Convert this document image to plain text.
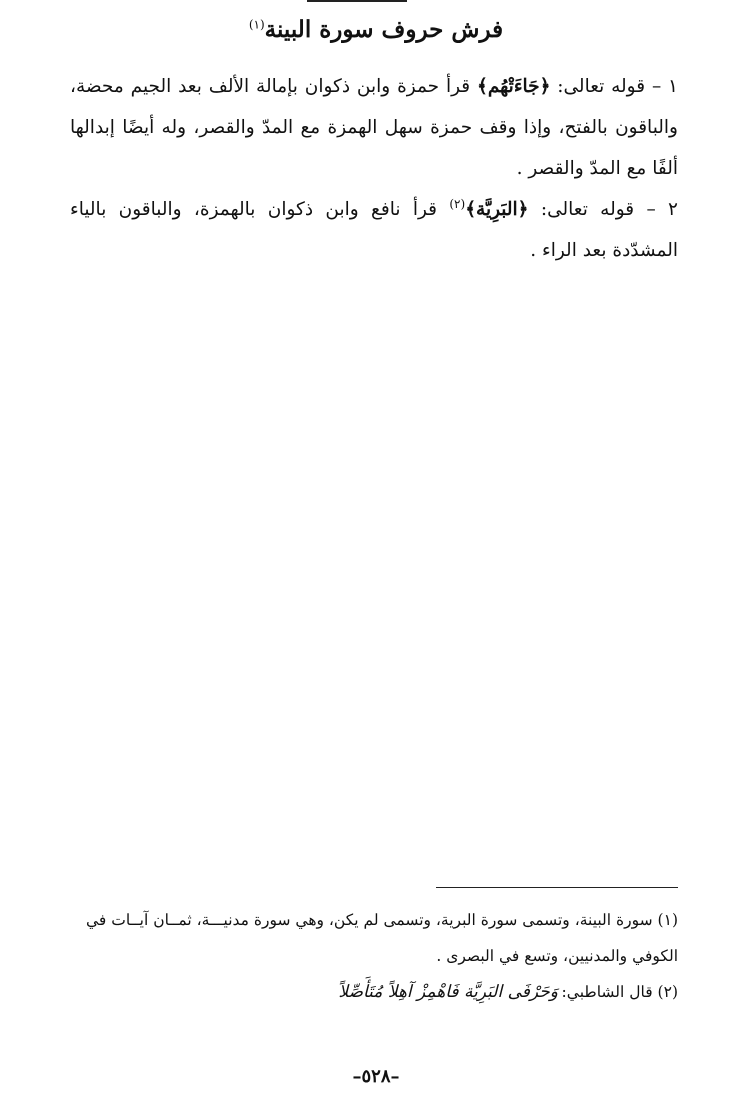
فرش حروف سورة البينة$^{(١)}$

١ – قوله تعالى: ﴿جَاءَتْهُم﴾ قرأ حمزة وابن ذكوان بإمالة الألف بعد الجيم محضة، والباقون بالفتح، وإذا وقف حمزة سهل الهمزة مع المدّ والقصر، وله أيضًا إبدالها ألفًا مع المدّ والقصر .

٢ – قوله تعالى: ﴿البَرِيَّة﴾$^{(٢)}$ قرأ نافع وابن ذكوان بالهمزة، والباقون بالياء المشدّدة بعد الراء .

(١) سورة البينة، وتسمى سورة البرية، وتسمى لم يكن، وهي سورة مدنيـــة، ثمــان آيــات في

الكوفي والمدنيين، وتسع في البصرى .

(٢) قال الشاطبي:
وَحَرْفَى البَرِيَّة فَاهْمِزْ آهِلاً مُتَأَصِّلاً
–٥٢٨–
